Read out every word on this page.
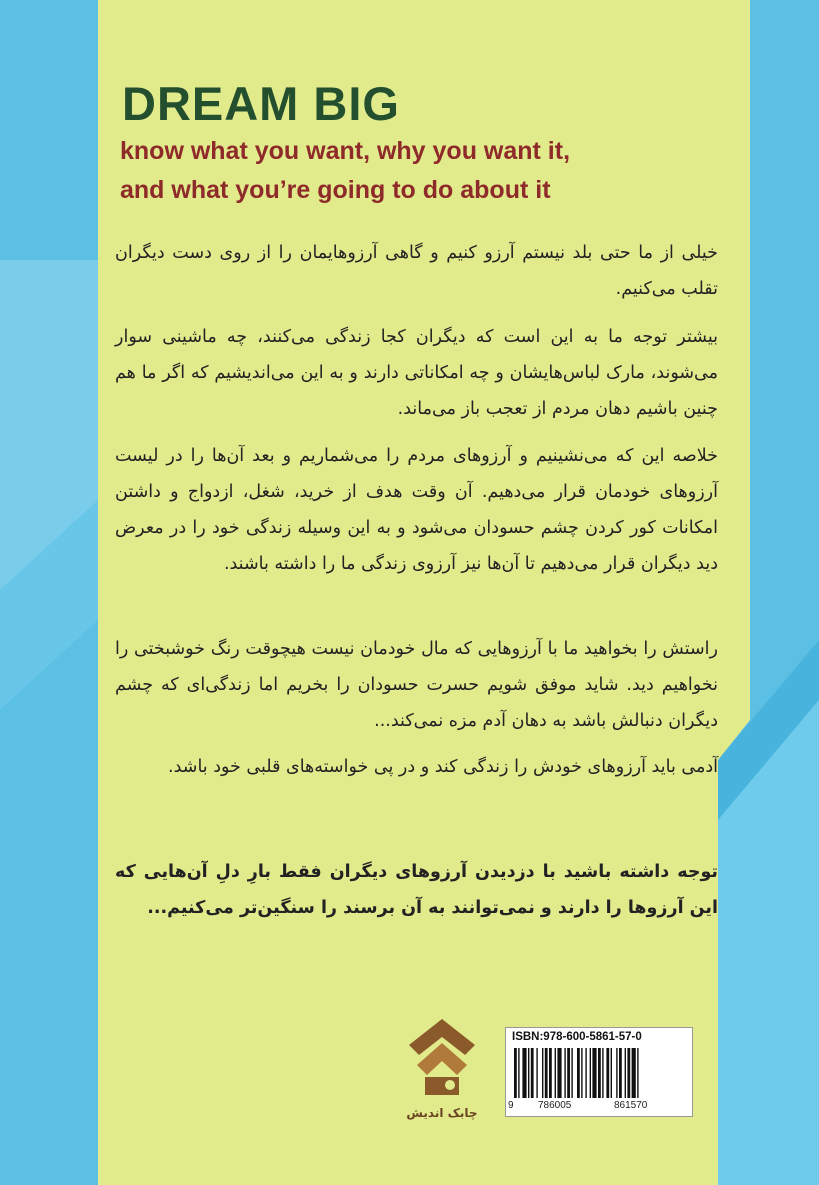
DREAM BIG
know what you want, why you want it,
and what you’re going to do about it
خیلی از ما حتی بلد نیستم آرزو کنیم و گاهی آرزوهایمان را از روی دست دیگران تقلب می‌کنیم.
بیشتر توجه ما به این است که دیگران کجا زندگی می‌کنند، چه ماشینی سوار می‌شوند، مارک لباس‌هایشان و چه امکاناتی دارند و به این می‌اندیشیم که اگر ما هم چنین باشیم دهان مردم از تعجب باز می‌ماند.
خلاصه این که می‌نشینیم و آرزوهای مردم را می‌شماریم و بعد آن‌ها را در لیست آرزوهای خودمان قرار می‌دهیم. آن وقت هدف از خرید، شغل، ازدواج و داشتن امکانات کور کردن چشم حسودان می‌شود و به این وسیله زندگی خود را در معرض دید دیگران قرار می‌دهیم تا آن‌ها نیز آرزوی زندگی ما را داشته باشند.
راستش را بخواهید ما با آرزوهایی که مال خودمان نیست هیچوقت رنگ خوشبختی را نخواهیم دید. شاید موفق شویم حسرت حسودان را بخریم اما زندگی‌ای که چشم دیگران دنبالش باشد به دهان آدم مزه نمی‌کند...
آدمی باید آرزوهای خودش را زندگی کند و در پی خواسته‌های قلبی خود باشد.
توجه داشته باشید با دزدیدن آرزوهای دیگران فقط بارِ دلِ آن‌هایی که این آرزوها را دارند و نمی‌توانند به آن برسند را سنگین‌تر می‌کنیم...
چابک اندیش
ISBN:978-600-5861-57-0
9 786005	861570
